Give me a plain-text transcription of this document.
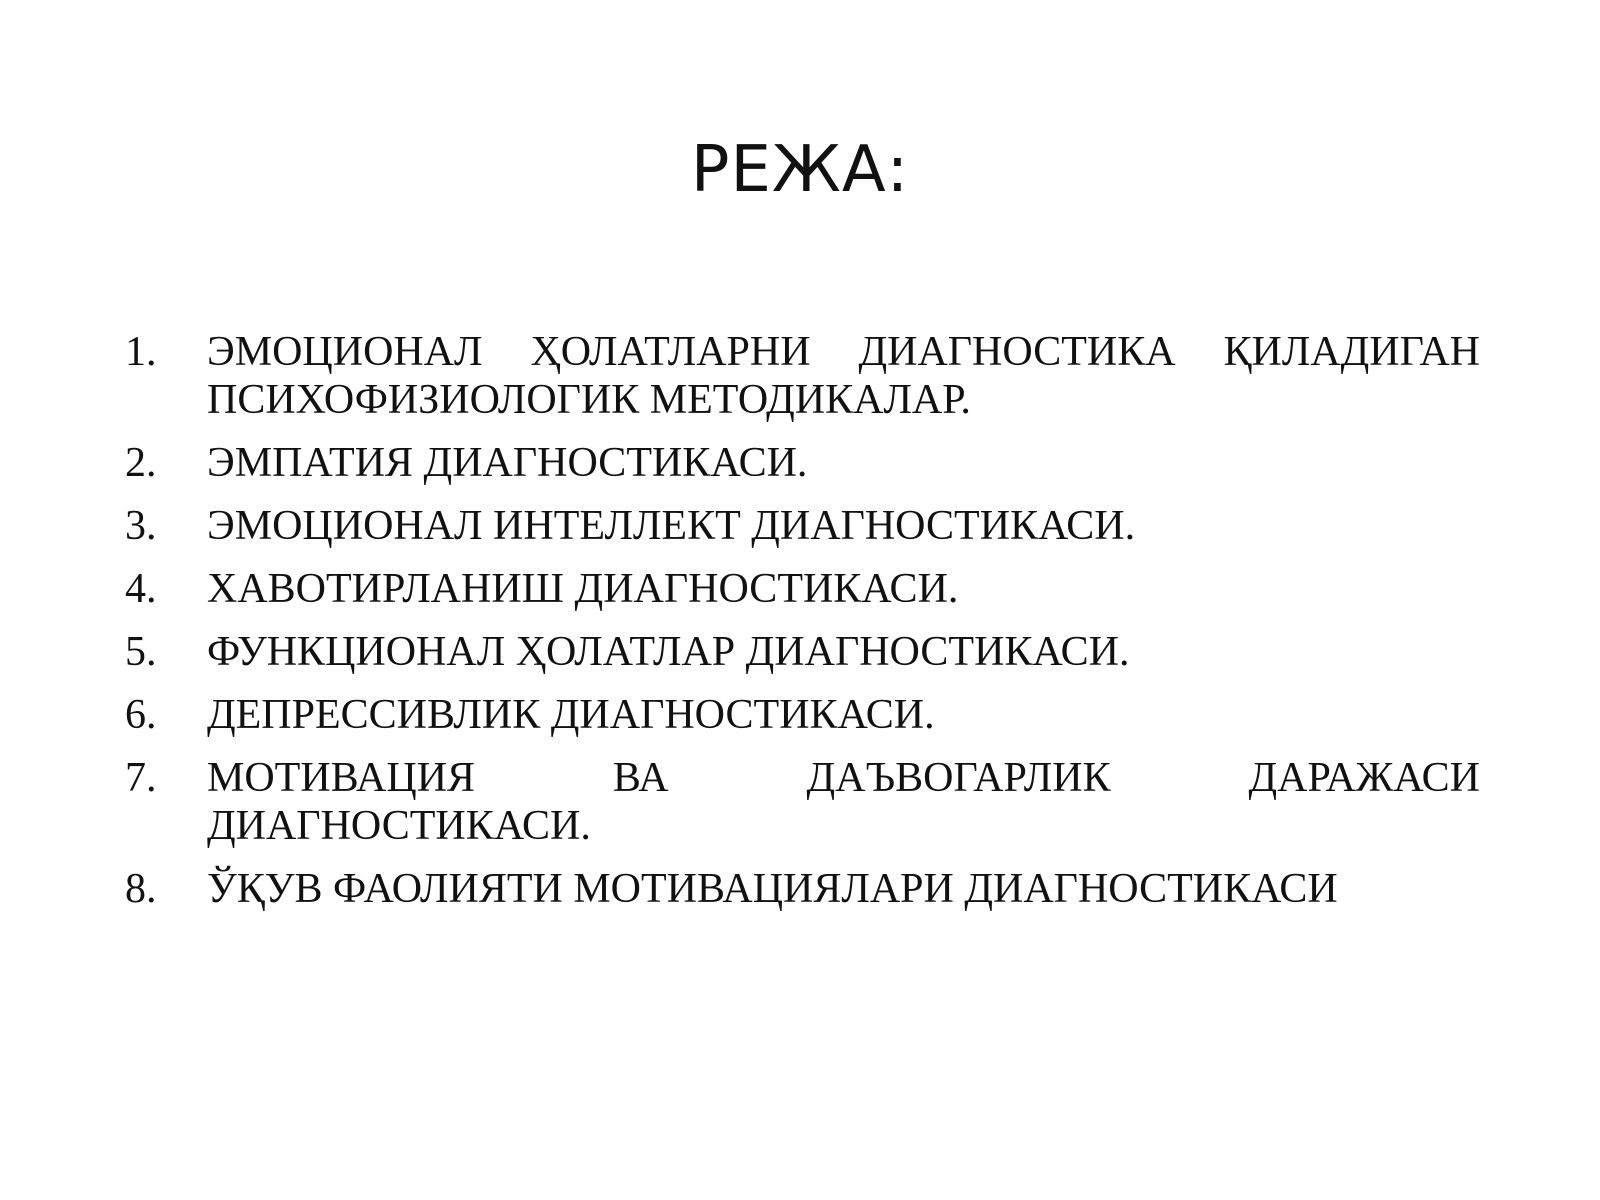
РЕЖА:
1.	ЭМОЦИОНАЛ ҲОЛАТЛАРНИ ДИАГНОСТИКА ҚИЛАДИГАН ПСИХОФИЗИОЛОГИК МЕТОДИКАЛАР.
2.	ЭМПАТИЯ ДИАГНОСТИКАСИ.
3.	ЭМОЦИОНАЛ ИНТЕЛЛЕКТ ДИАГНОСТИКАСИ.
4.	ХАВОТИРЛАНИШ ДИАГНОСТИКАСИ.
5.	ФУНКЦИОНАЛ ҲОЛАТЛАР ДИАГНОСТИКАСИ.
6.	ДЕПРЕССИВЛИК ДИАГНОСТИКАСИ.
7.	МОТИВАЦИЯ ВА ДАЪВОГАРЛИК ДАРАЖАСИ ДИАГНОСТИКАСИ.
8.	ЎҚУВ ФАОЛИЯТИ МОТИВАЦИЯЛАРИ ДИАГНОСТИКАСИ
